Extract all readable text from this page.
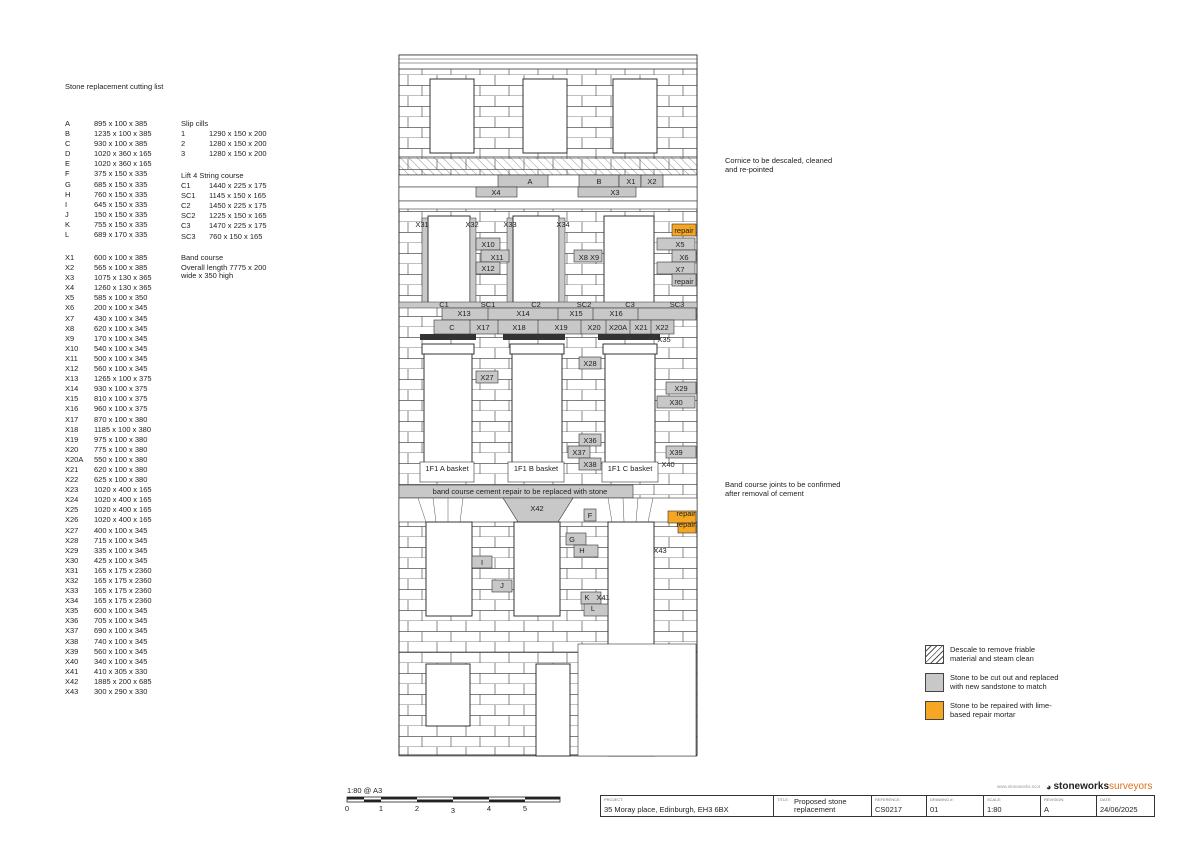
Stone replacement cutting list
A	895 x 100 x 385
B	1235 x 100 x 385
C	930 x 100 x 385
D	1020 x 360 x 165
E	1020 x 360 x 165
F	375 x 150 x 335
G	685 x 150 x 335
H	760 x 150 x 335
I	645 x 150 x 335
J	150 x 150 x 335
K	755 x 150 x 335
L	689 x 170 x 335
X1	600 x 100 x 385
X2	565 x 100 x 385
X3	1075 x 130 x 365
X4	1260 x 130 x 365
X5	585 x 100 x 350
X6	200 x 100 x 345
X7	430 x 100 x 345
X8	620 x 100 x 345
X9	170 x 100 x 345
X10	540 x 100 x 345
X11	500 x 100 x 345
X12	560 x 100 x 345
X13	1265 x 100 x 375
X14	930 x 100 x 375
X15	810 x 100 x 375
X16	960 x 100 x 375
X17	870 x 100 x 380
X18	1185 x 100 x 380
X19	975 x 100 x 380
X20	775 x 100 x 380
X20A	550 x 100 x 380
X21	620 x 100 x 380
X22	625 x 100 x 380
X23	1020 x 400 x 165
X24	1020 x 400 x 165
X25	1020 x 400 x 165
X26	1020 x 400 x 165
X27	400 x 100 x 345
X28	715 x 100 x 345
X29	335 x 100 x 345
X30	425 x 100 x 345
X31	165 x 175 x 2360
X32	165 x 175 x 2360
X33	165 x 175 x 2360
X34	165 x 175 x 2360
X35	600 x 100 x 345
X36	705 x 100 x 345
X37	690 x 100 x 345
X38	740 x 100 x 345
X39	560 x 100 x 345
X40	340 x 100 x 345
X41	410 x 305 x 330
X42	1885 x 200 x 685
X43	300 x 290 x 330
Slip cills
1	1290 x 150 x 200
2	1280 x 150 x 200
3	1280 x 150 x 200
Lift 4 String course
C1 1440 x 225 x 175
SC1 1145 x 150 x 165
C2 1450 x 225 x 175
SC2 1225 x 150 x 165
C3 1470 x 225 x 175
SC3 760 x 150 x 165
Band course
Overall length 7775 x 200
wide x 350 high
A	B	X1 X2
X4	X3
X31	X32	X33	X34
repair
X10	X5
X11	X8 X9	X6
X12	X7
repair
C1	SC1	C2	SC2	C3	SC3
X13	X14	X15	X16
C	X17	X18	X19	X20 X20A X21 X22
X35
X28
X27
X29
X30
X36
X37	X39
X38	X40
1F1 A basket	1F1 B basket	1F1 C basket
band course cement repair to be replaced with stone
X42
F	repair
repair
G
H	X43
I
J
K X41
L
Cornice to be descaled, cleaned
and re-pointed
Band course joints to be confirmed
after removal of cement
Descale to remove friable
material and steam clean
Stone to be cut out and replaced
with new sandstone to match
Stone to be repaired with lime-
based repair mortar
1:80 @ A3
0	1	2	3	4	5
www.stoneworks.scot ◕ stoneworks surveyors
PROJECT:
35 Moray place, Edinburgh, EH3 6BX
TITLE: Proposed stone
replacement
REFERENCE:
CS0217
DRAWING #:
01
SCALE:
1:80
REVISION:
A
DATE:
24/06/2025
